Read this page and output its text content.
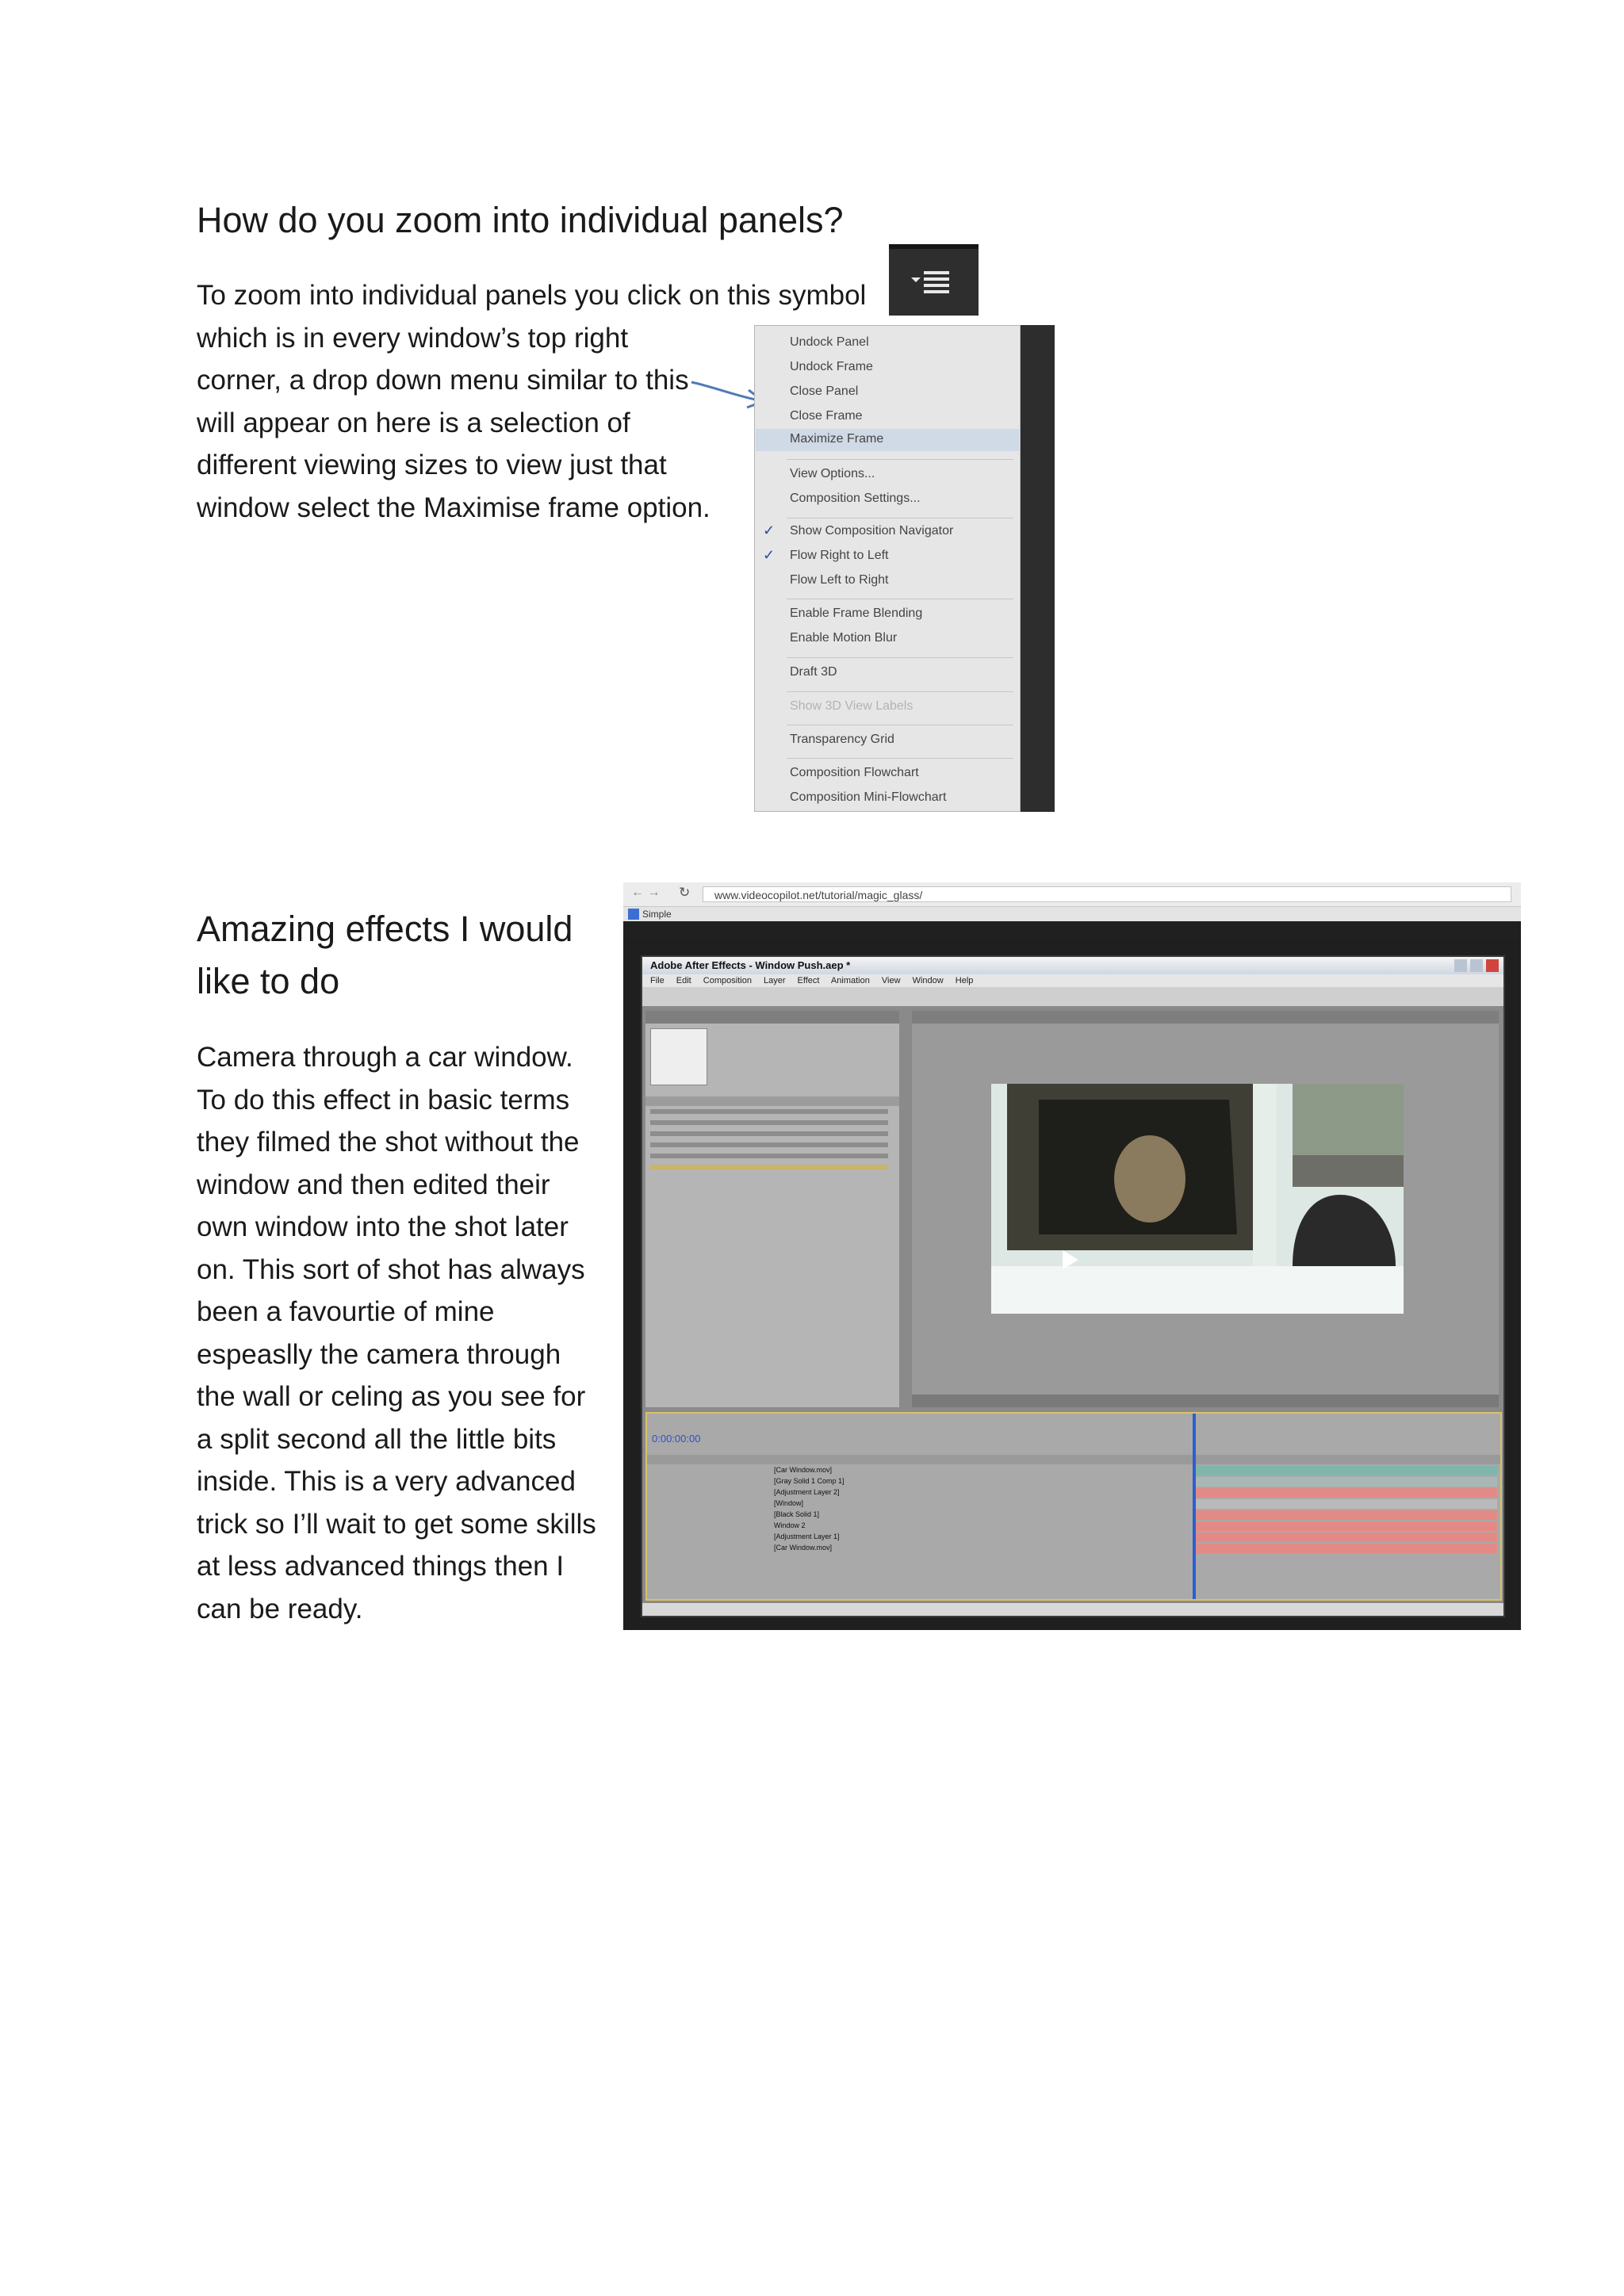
How do you zoom into individual panels?
To zoom into individual panels you click on this symbol
which is in every window’s top right
corner, a drop down menu similar to this
will appear on here is a selection of
different viewing sizes to view just that
window select the Maximise frame option.
Undock Panel
Undock Frame
Close Panel
Close Frame
Maximize Frame
View Options...
Composition Settings...
✓ Show Composition Navigator
✓ Flow Right to Left
Flow Left to Right
Enable Frame Blending
Enable Motion Blur
Draft 3D
Show 3D View Labels
Transparency Grid
Composition Flowchart
Composition Mini-Flowchart
Amazing effects I would
like to do
Camera through a car window.
To do this effect in basic terms
they filmed the shot without the
window and then edited their
own window into the shot later
on. This sort of shot has always
been a favourtie of mine
espeaslly the camera through
the wall or celing as you see for
a split second all the little bits
inside. This is a very advanced
trick so I’ll wait to get some skills
at less advanced things then I
can be ready.
← → ↻	www.videocopilot.net/tutorial/magic_glass/
Simple
Adobe After Effects - Window Push.aep *
File Edit Composition Layer Effect Animation View Window Help
0:00:00:00
[Car Window.mov]
[Gray Solid 1 Comp 1]
[Adjustment Layer 2]
[Window]
[Black Solid 1]
Window 2
[Adjustment Layer 1]
[Car Window.mov]
